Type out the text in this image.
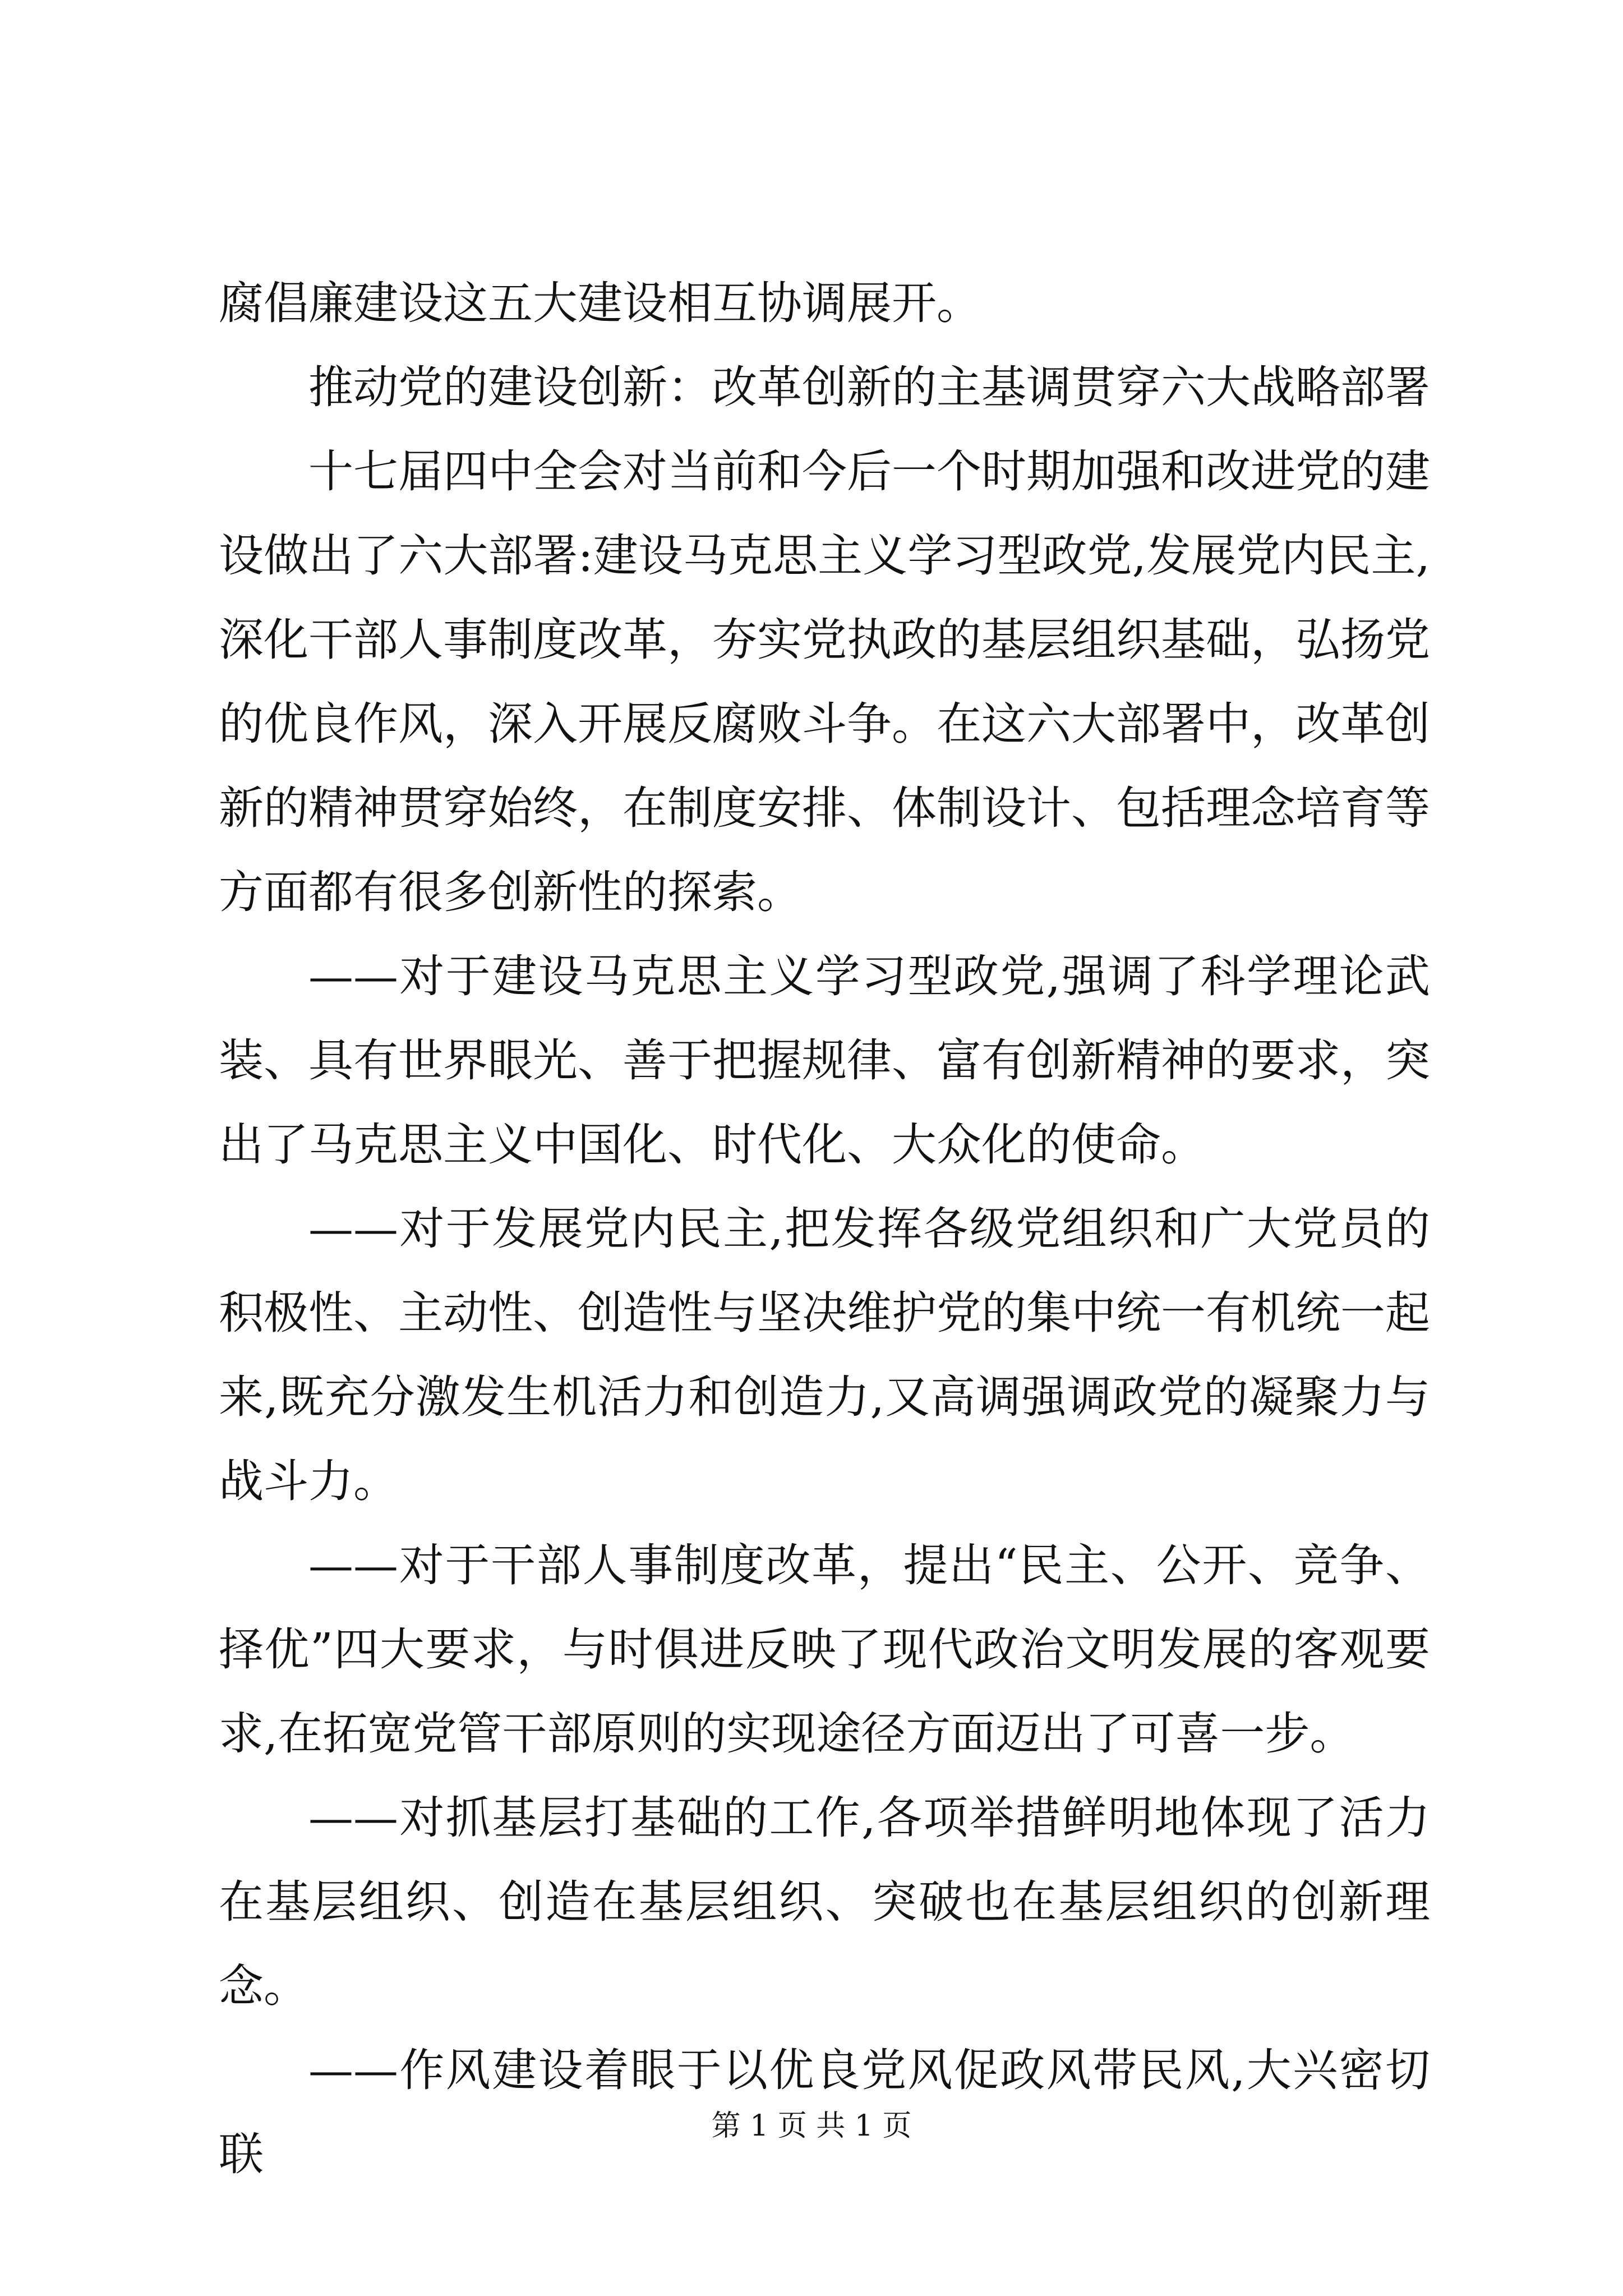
腐倡廉建设这五大建设相互协调展开。

推动党的建设创新：改革创新的主基调贯穿六大战略部署

十七届四中全会对当前和今后一个时期加强和改进党的建设做出了六大部署:建设马克思主义学习型政党,发展党内民主,深化干部人事制度改革，夯实党执政的基层组织基础，弘扬党的优良作风，深入开展反腐败斗争。在这六大部署中，改革创新的精神贯穿始终，在制度安排、体制设计、包括理念培育等方面都有很多创新性的探索。

——对于建设马克思主义学习型政党,强调了科学理论武装、具有世界眼光、善于把握规律、富有创新精神的要求，突出了马克思主义中国化、时代化、大众化的使命。

——对于发展党内民主,把发挥各级党组织和广大党员的积极性、主动性、创造性与坚决维护党的集中统一有机统一起来,既充分激发生机活力和创造力,又高调强调政党的凝聚力与战斗力。

——对于干部人事制度改革，提出“民主、公开、竞争、择优”四大要求，与时俱进反映了现代政治文明发展的客观要求,在拓宽党管干部原则的实现途径方面迈出了可喜一步。

——对抓基层打基础的工作,各项举措鲜明地体现了活力在基层组织、创造在基层组织、突破也在基层组织的创新理念。

——作风建设着眼于以优良党风促政风带民风,大兴密切联

第 1 页 共 1 页
